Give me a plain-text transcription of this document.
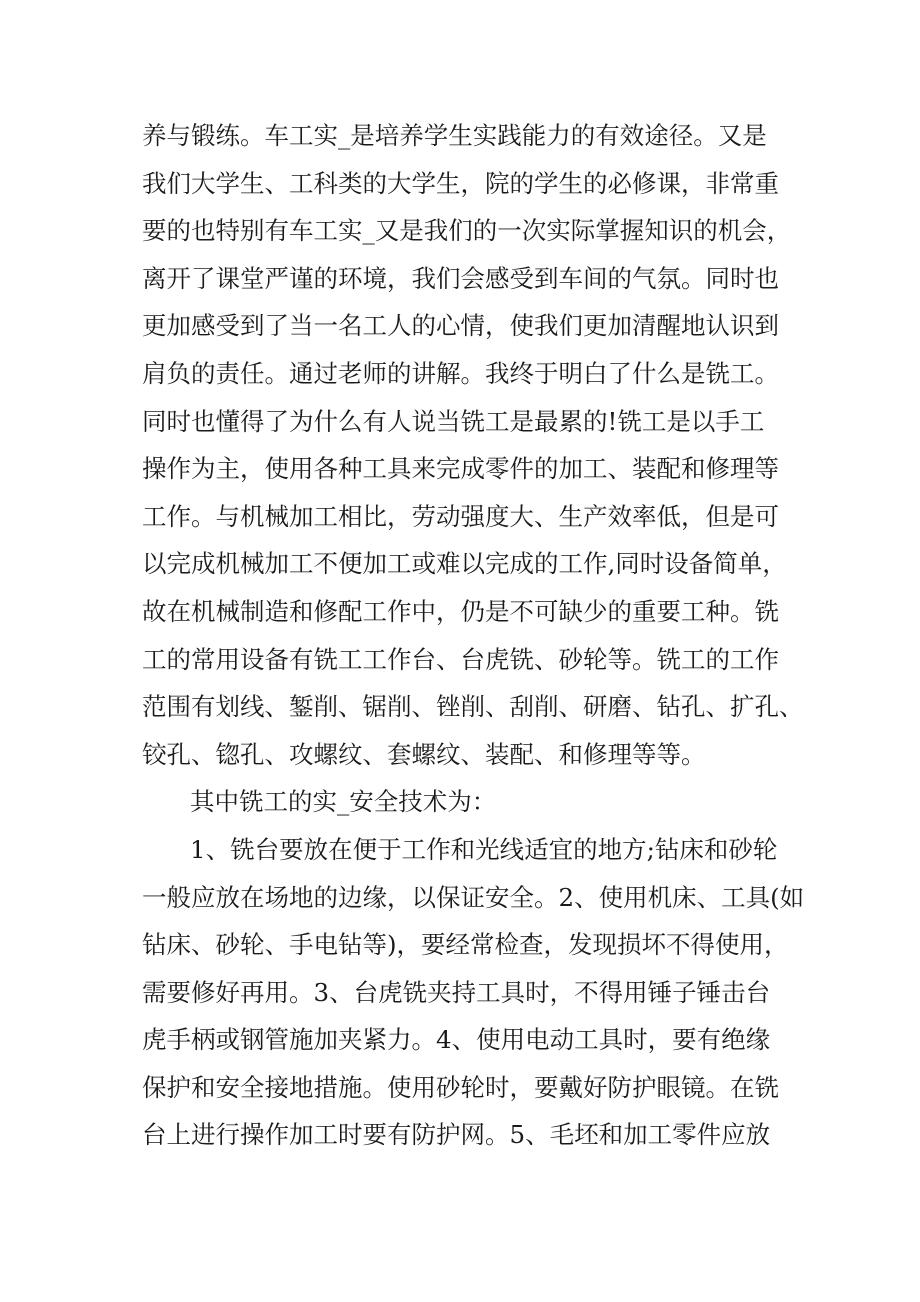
养与锻练。车工实_是培养学生实践能力的有效途径。又是
我们大学生、工科类的大学生，院的学生的必修课，非常重
要的也特别有车工实_又是我们的一次实际掌握知识的机会，
离开了课堂严谨的环境，我们会感受到车间的气氛。同时也
更加感受到了当一名工人的心情，使我们更加清醒地认识到
肩负的责任。通过老师的讲解。我终于明白了什么是铣工。
同时也懂得了为什么有人说当铣工是最累的!铣工是以手工
操作为主，使用各种工具来完成零件的加工、装配和修理等
工作。与机械加工相比，劳动强度大、生产效率低，但是可
以完成机械加工不便加工或难以完成的工作,同时设备简单，
故在机械制造和修配工作中，仍是不可缺少的重要工种。铣
工的常用设备有铣工工作台、台虎铣、砂轮等。铣工的工作
范围有划线、錾削、锯削、锉削、刮削、研磨、钻孔、扩孔、
铰孔、锪孔、攻螺纹、套螺纹、装配、和修理等等。
其中铣工的实_安全技术为：
1、铣台要放在便于工作和光线适宜的地方;钻床和砂轮
一般应放在场地的边缘，以保证安全。2、使用机床、工具(如
钻床、砂轮、手电钻等)，要经常检查，发现损坏不得使用，
需要修好再用。3、台虎铣夹持工具时，不得用锤子锤击台
虎手柄或钢管施加夹紧力。4、使用电动工具时，要有绝缘
保护和安全接地措施。使用砂轮时，要戴好防护眼镜。在铣
台上进行操作加工时要有防护网。5、毛坯和加工零件应放
